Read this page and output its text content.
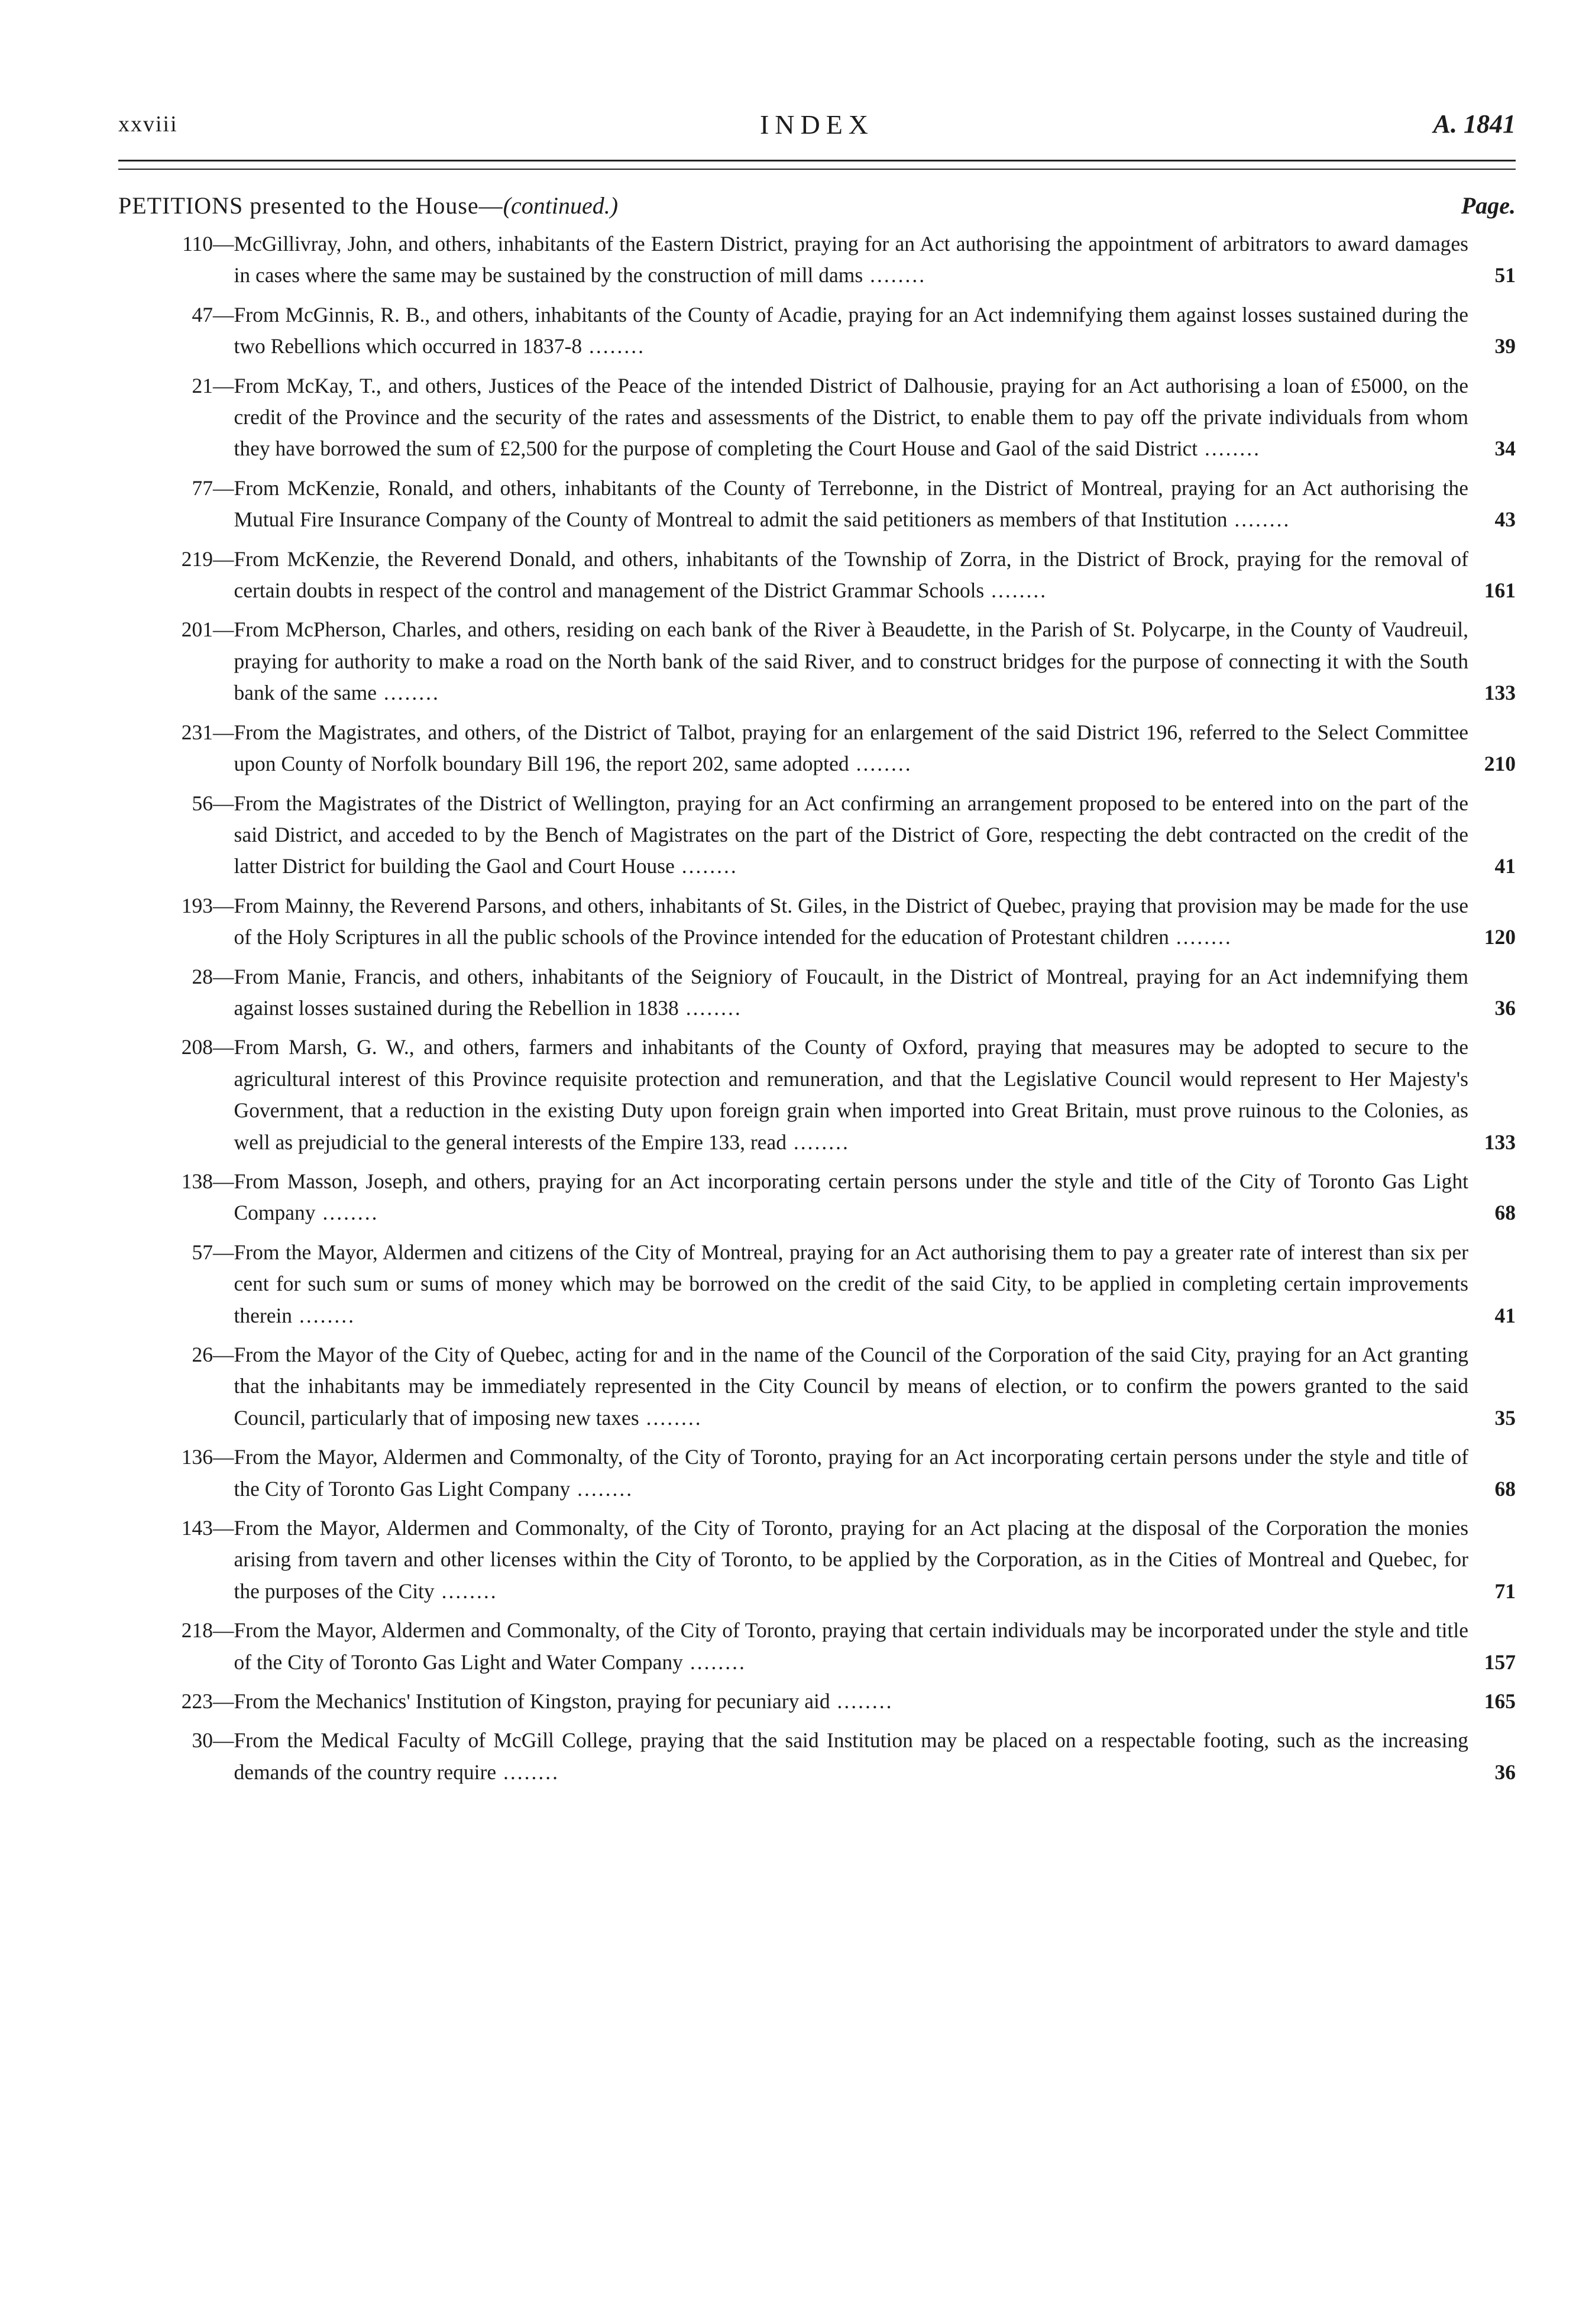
xxviii	INDEX	A. 1841
PETITIONS presented to the House—(continued.)	Page.
110 — McGillivray, John, and others, inhabitants of the Eastern District, praying for an Act authorising the appointment of arbitrators to award damages in cases where the same may be sustained by the construction of mill dams ........	51
47 — From McGinnis, R. B., and others, inhabitants of the County of Acadie, praying for an Act indemnifying them against losses sustained during the two Rebellions which occurred in 1837-8 ........	39
21 — From McKay, T., and others, Justices of the Peace of the intended District of Dalhousie, praying for an Act authorising a loan of £5000, on the credit of the Province and the security of the rates and assessments of the District, to enable them to pay off the private individuals from whom they have borrowed the sum of £2,500 for the purpose of completing the Court House and Gaol of the said District ........	34
77 — From McKenzie, Ronald, and others, inhabitants of the County of Terrebonne, in the District of Montreal, praying for an Act authorising the Mutual Fire Insurance Company of the County of Montreal to admit the said petitioners as members of that Institution ........	43
219 — From McKenzie, the Reverend Donald, and others, inhabitants of the Township of Zorra, in the District of Brock, praying for the removal of certain doubts in respect of the control and management of the District Grammar Schools ........	161
201 — From McPherson, Charles, and others, residing on each bank of the River à Beaudette, in the Parish of St. Polycarpe, in the County of Vaudreuil, praying for authority to make a road on the North bank of the said River, and to construct bridges for the purpose of connecting it with the South bank of the same ........	133
231 — From the Magistrates, and others, of the District of Talbot, praying for an enlargement of the said District 196, referred to the Select Committee upon County of Norfolk boundary Bill 196, the report 202, same adopted ........	210
56 — From the Magistrates of the District of Wellington, praying for an Act confirming an arrangement proposed to be entered into on the part of the said District, and acceded to by the Bench of Magistrates on the part of the District of Gore, respecting the debt contracted on the credit of the latter District for building the Gaol and Court House ........	41
193 — From Mainny, the Reverend Parsons, and others, inhabitants of St. Giles, in the District of Quebec, praying that provision may be made for the use of the Holy Scriptures in all the public schools of the Province intended for the education of Protestant children ........	120
28 — From Manie, Francis, and others, inhabitants of the Seigniory of Foucault, in the District of Montreal, praying for an Act indemnifying them against losses sustained during the Rebellion in 1838 ........	36
208 — From Marsh, G. W., and others, farmers and inhabitants of the County of Oxford, praying that measures may be adopted to secure to the agricultural interest of this Province requisite protection and remuneration, and that the Legislative Council would represent to Her Majesty's Government, that a reduction in the existing Duty upon foreign grain when imported into Great Britain, must prove ruinous to the Colonies, as well as prejudicial to the general interests of the Empire 133, read ........	133
138 — From Masson, Joseph, and others, praying for an Act incorporating certain persons under the style and title of the City of Toronto Gas Light Company ........	68
57 — From the Mayor, Aldermen and citizens of the City of Montreal, praying for an Act authorising them to pay a greater rate of interest than six per cent for such sum or sums of money which may be borrowed on the credit of the said City, to be applied in completing certain improvements therein ........	41
26 — From the Mayor of the City of Quebec, acting for and in the name of the Council of the Corporation of the said City, praying for an Act granting that the inhabitants may be immediately represented in the City Council by means of election, or to confirm the powers granted to the said Council, particularly that of imposing new taxes ........	35
136 — From the Mayor, Aldermen and Commonalty, of the City of Toronto, praying for an Act incorporating certain persons under the style and title of the City of Toronto Gas Light Company ........	68
143 — From the Mayor, Aldermen and Commonalty, of the City of Toronto, praying for an Act placing at the disposal of the Corporation the monies arising from tavern and other licenses within the City of Toronto, to be applied by the Corporation, as in the Cities of Montreal and Quebec, for the purposes of the City ........	71
218 — From the Mayor, Aldermen and Commonalty, of the City of Toronto, praying that certain individuals may be incorporated under the style and title of the City of Toronto Gas Light and Water Company ........	157
223 — From the Mechanics' Institution of Kingston, praying for pecuniary aid ........	165
30 — From the Medical Faculty of McGill College, praying that the said Institution may be placed on a respectable footing, such as the increasing demands of the country require ........	36
